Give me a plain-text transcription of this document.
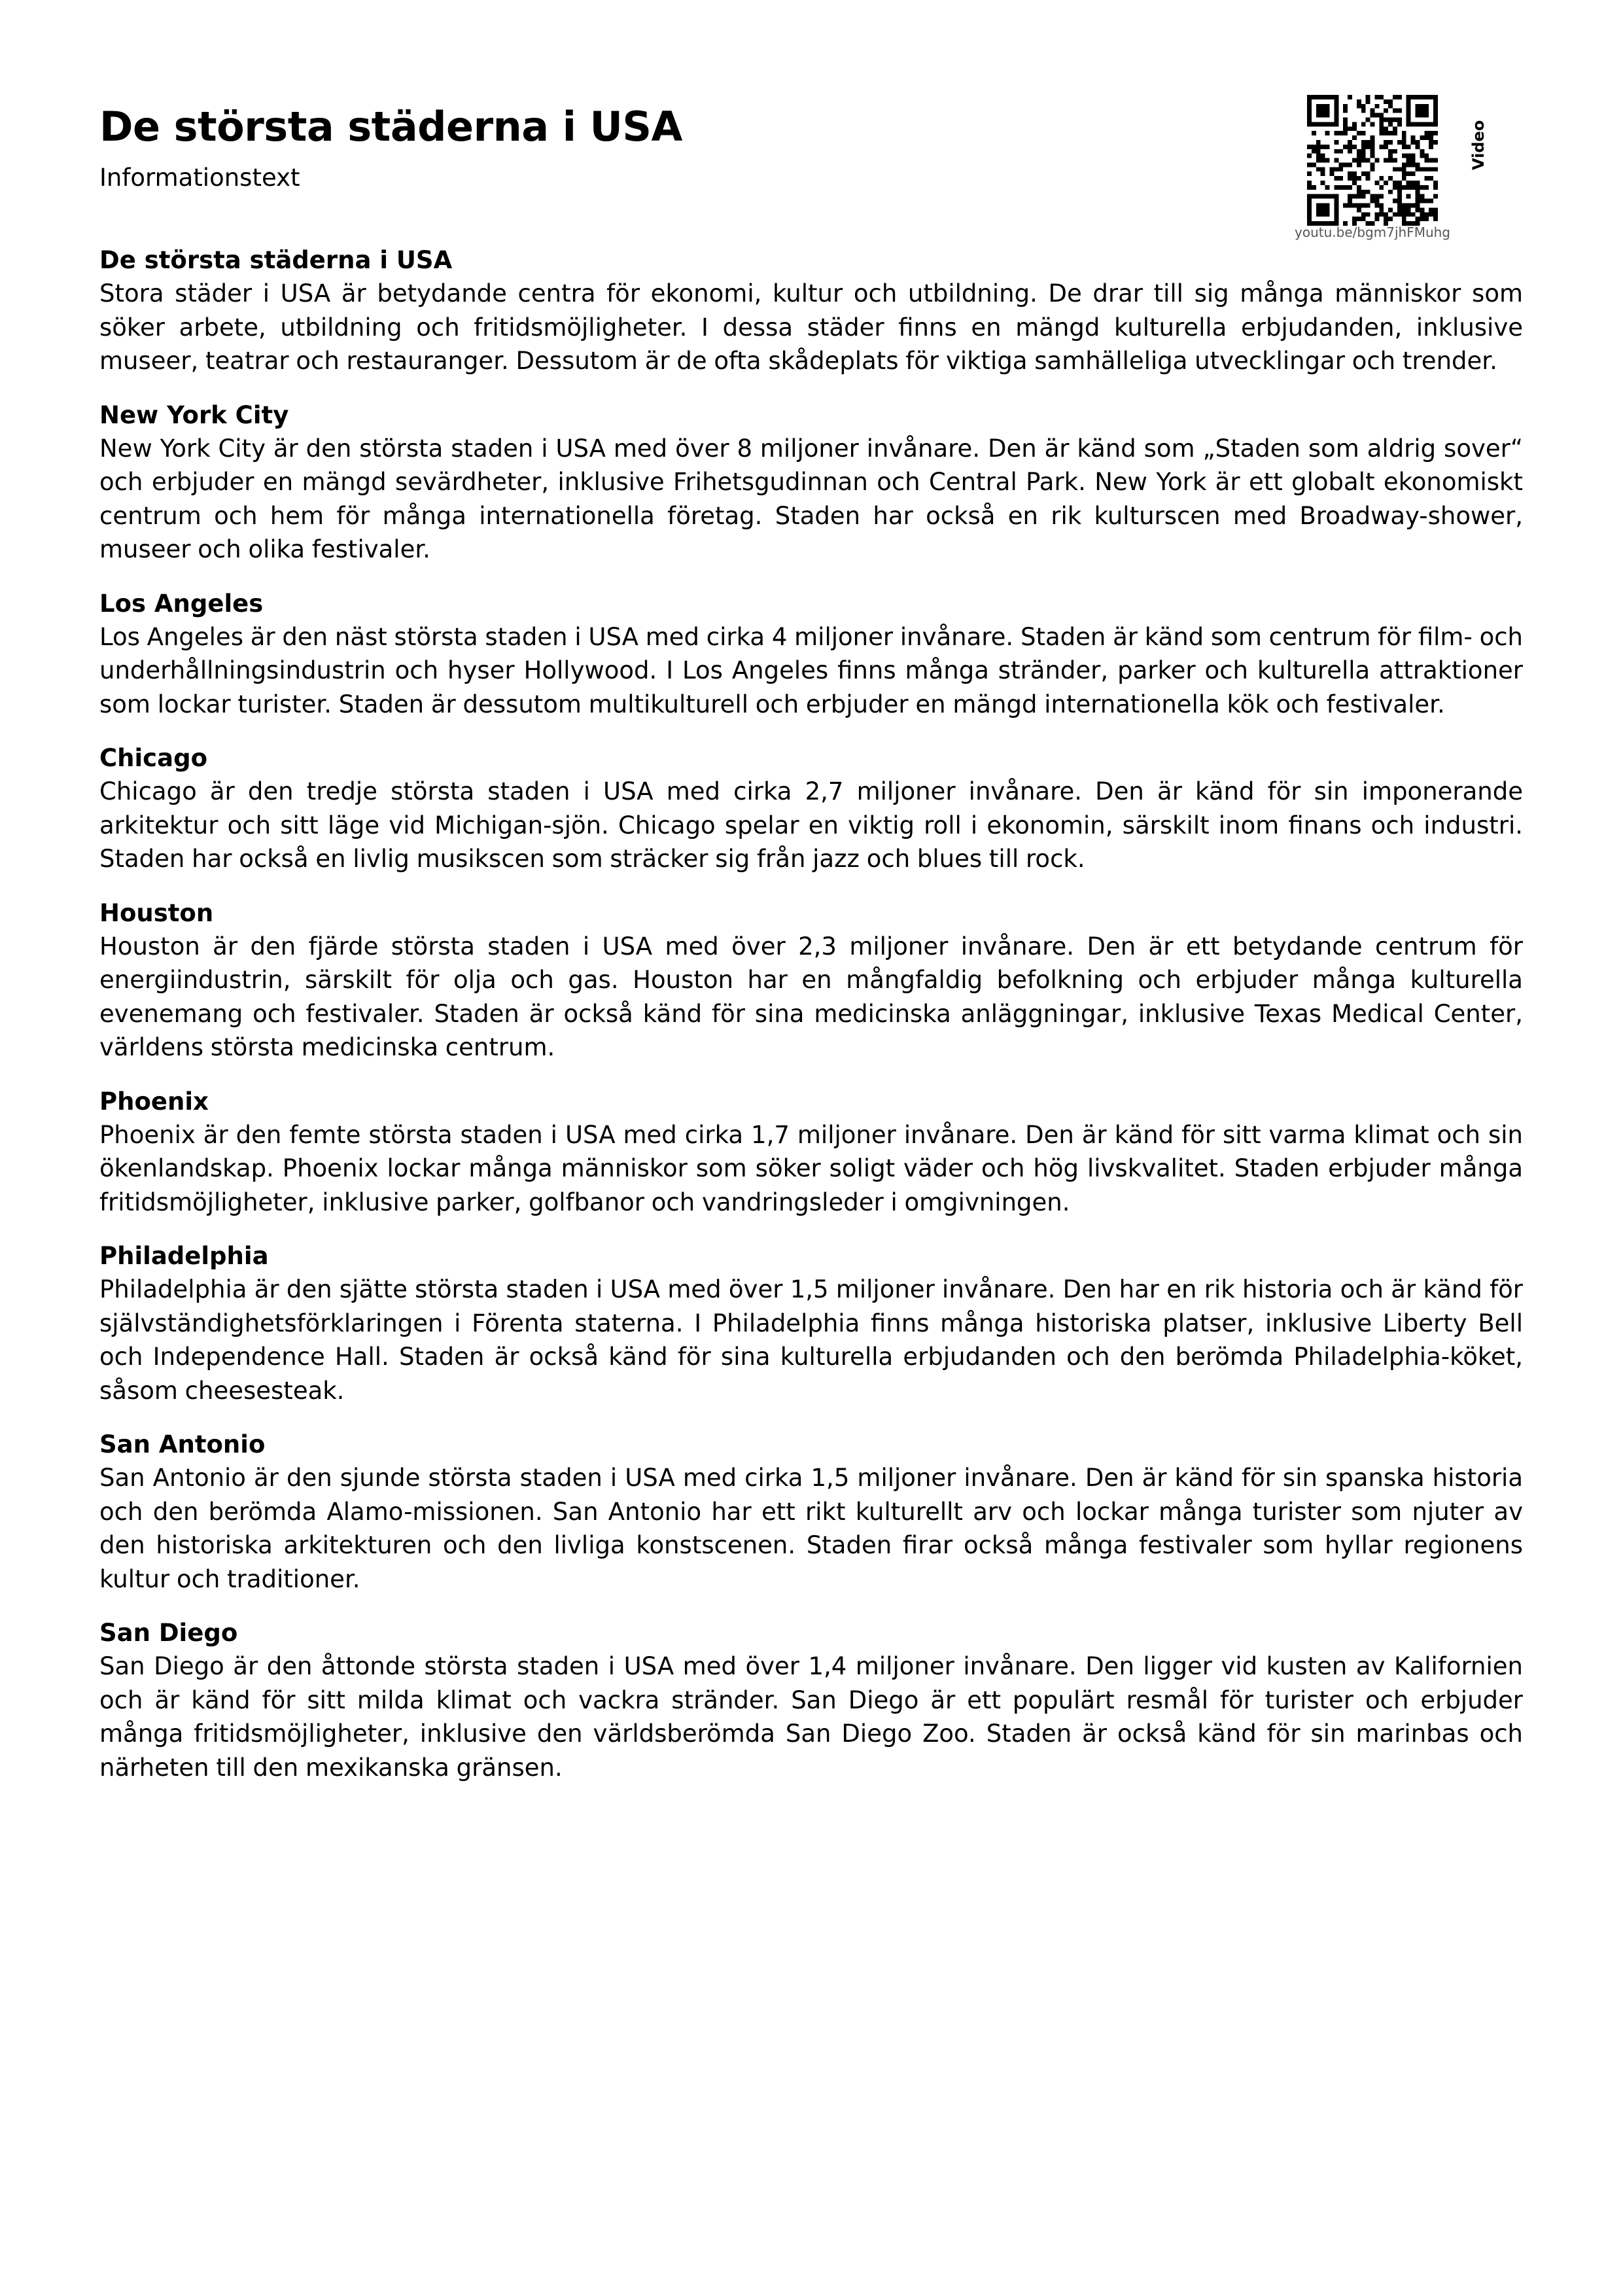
De största städerna i USA

Informationstext

youtu.be/bgm7jhFMuhg
Video
De största städerna i USA

Stora städer i USA är betydande centra för ekonomi, kultur och utbildning. De drar till sig många människor som söker arbete, utbildning och fritidsmöjligheter. I dessa städer finns en mängd kulturella erbjudanden, inklusive museer, teatrar och restauranger. Dessutom är de ofta skådeplats för viktiga samhälleliga utvecklingar och trender.

New York City

New York City är den största staden i USA med över 8 miljoner invånare. Den är känd som „Staden som aldrig sover“ och erbjuder en mängd sevärdheter, inklusive Frihetsgudinnan och Central Park. New York är ett globalt ekonomiskt centrum och hem för många internationella företag. Staden har också en rik kulturscen med Broadway-shower, museer och olika festivaler.

Los Angeles

Los Angeles är den näst största staden i USA med cirka 4 miljoner invånare. Staden är känd som centrum för film- och underhållningsindustrin och hyser Hollywood. I Los Angeles finns många stränder, parker och kulturella attraktioner som lockar turister. Staden är dessutom multikulturell och erbjuder en mängd internationella kök och festivaler.

Chicago

Chicago är den tredje största staden i USA med cirka 2,7 miljoner invånare. Den är känd för sin imponerande arkitektur och sitt läge vid Michigan-sjön. Chicago spelar en viktig roll i ekonomin, särskilt inom finans och industri. Staden har också en livlig musikscen som sträcker sig från jazz och blues till rock.

Houston

Houston är den fjärde största staden i USA med över 2,3 miljoner invånare. Den är ett betydande centrum för energiindustrin, särskilt för olja och gas. Houston har en mångfaldig befolkning och erbjuder många kulturella evenemang och festivaler. Staden är också känd för sina medicinska anläggningar, inklusive Texas Medical Center, världens största medicinska centrum.

Phoenix

Phoenix är den femte största staden i USA med cirka 1,7 miljoner invånare. Den är känd för sitt varma klimat och sin ökenlandskap. Phoenix lockar många människor som söker soligt väder och hög livskvalitet. Staden erbjuder många fritidsmöjligheter, inklusive parker, golfbanor och vandringsleder i omgivningen.

Philadelphia

Philadelphia är den sjätte största staden i USA med över 1,5 miljoner invånare. Den har en rik historia och är känd för självständighetsförklaringen i Förenta staterna. I Philadelphia finns många historiska platser, inklusive Liberty Bell och Independence Hall. Staden är också känd för sina kulturella erbjudanden och den berömda Philadelphia-köket, såsom cheesesteak.

San Antonio

San Antonio är den sjunde största staden i USA med cirka 1,5 miljoner invånare. Den är känd för sin spanska historia och den berömda Alamo-missionen. San Antonio har ett rikt kulturellt arv och lockar många turister som njuter av den historiska arkitekturen och den livliga konstscenen. Staden firar också många festivaler som hyllar regionens kultur och traditioner.

San Diego

San Diego är den åttonde största staden i USA med över 1,4 miljoner invånare. Den ligger vid kusten av Kalifornien och är känd för sitt milda klimat och vackra stränder. San Diego är ett populärt resmål för turister och erbjuder många fritidsmöjligheter, inklusive den världsberömda San Diego Zoo. Staden är också känd för sin marinbas och närheten till den mexikanska gränsen.
